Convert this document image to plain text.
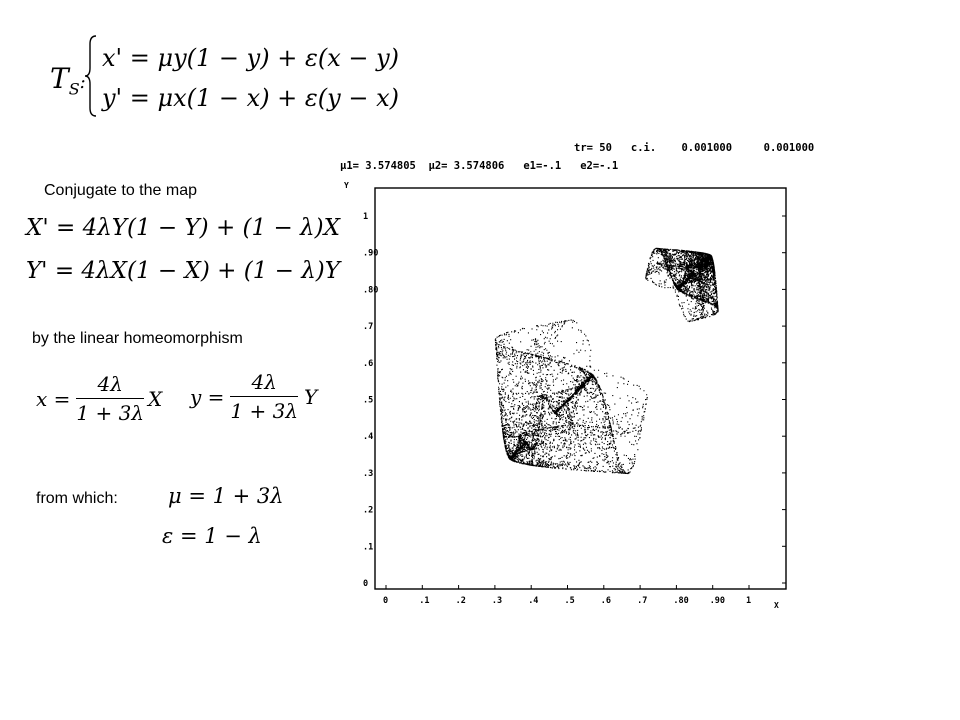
$T_S$:
x' = μy(1 − y) + ε(x − y)
y' = μx(1 − x) + ε(y − x)
Conjugate to the map
X' = 4λY(1 − Y) + (1 − λ)X
Y' = 4λX(1 − X) + (1 − λ)Y
by the linear homeomorphism
$x = \frac{4\lambda}{1 + 3\lambda}$ X $y = \frac{4\lambda}{1 + 3\lambda}$ Y
from which: μ = 1 + 3λ
ε = 1 − λ
tr= 50   c.i.    0.001000     0.001000
μ1= 3.574805  μ2= 3.574806   e1=-.1   e2=-.1
Y
0	.1	.2	.3	.4	.5	.6	.7	.80 .90 1
0
.1
.2
.3
.4
.5
.6
.7
.80
.90
1
X
